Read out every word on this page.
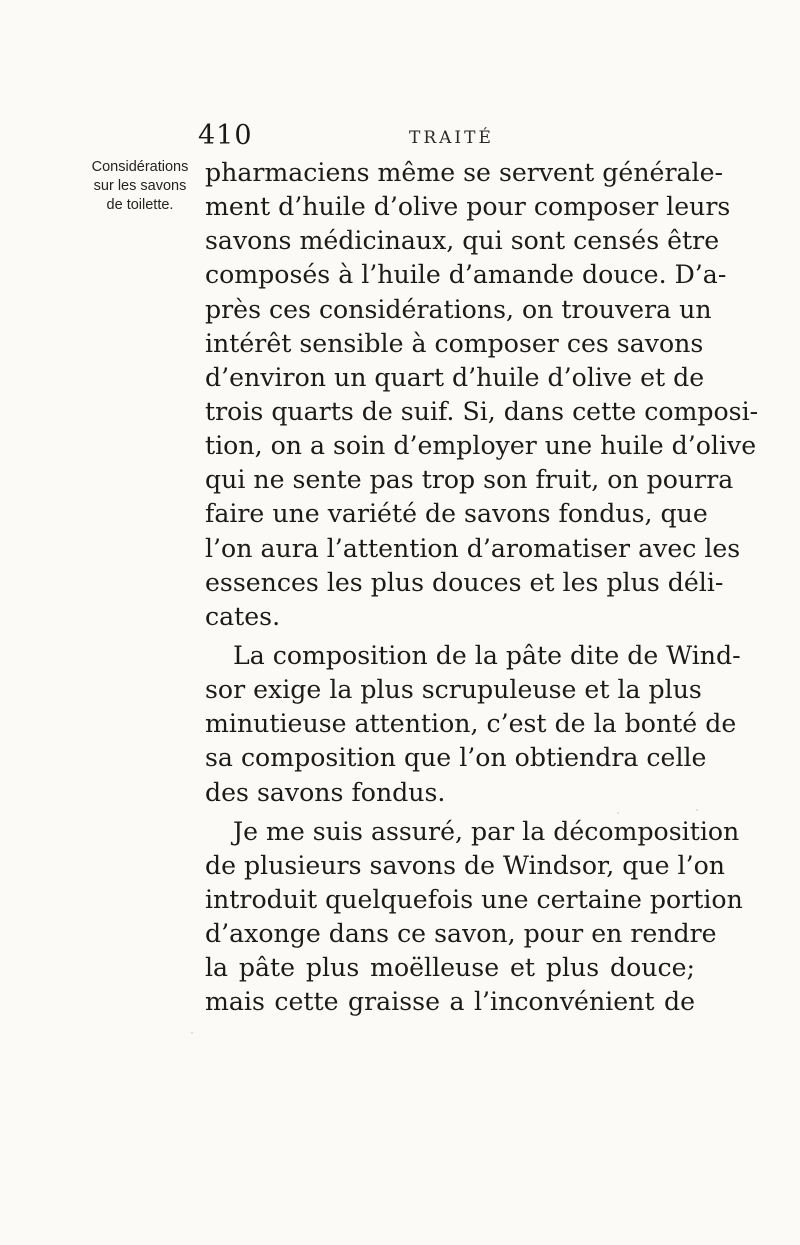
410	TRAITÉ
Considérations
sur les savons
de toilette.
pharmaciens même se servent générale-
ment d’huile d’olive pour composer leurs
savons médicinaux, qui sont censés être
composés à l’huile d’amande douce. D’a-
près ces considérations, on trouvera un
intérêt sensible à composer ces savons
d’environ un quart d’huile d’olive et de
trois quarts de suif. Si, dans cette composi-
tion, on a soin d’employer une huile d’olive
qui ne sente pas trop son fruit, on pourra
faire une variété de savons fondus, que
l’on aura l’attention d’aromatiser avec les
essences les plus douces et les plus déli-
cates.
La composition de la pâte dite de Wind-
sor exige la plus scrupuleuse et la plus
minutieuse attention, c’est de la bonté de
sa composition que l’on obtiendra celle
des savons fondus.
Je me suis assuré, par la décomposition
de plusieurs savons de Windsor, que l’on
introduit quelquefois une certaine portion
d’axonge dans ce savon, pour en rendre
la pâte plus moëlleuse et plus douce;
mais cette graisse a l’inconvénient de
